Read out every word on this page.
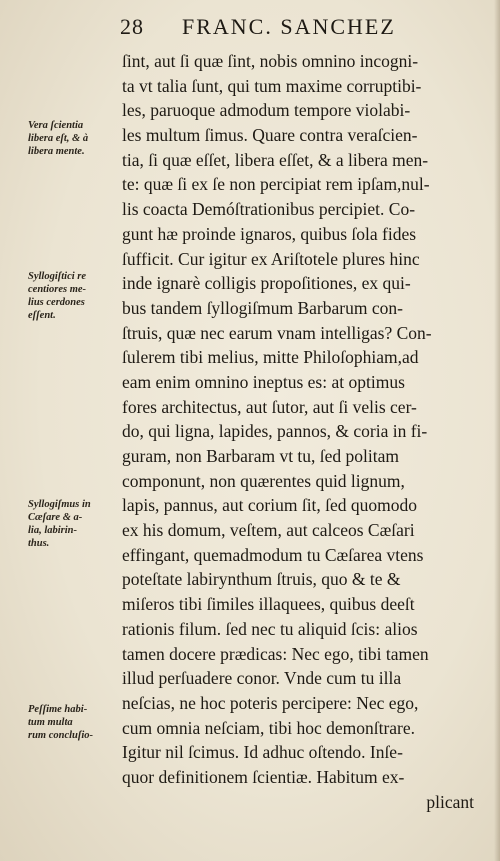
28 FRANC. SANCHEZ
Vera ſcientia
libera eſt, & à
libera mente.
Syllogiſtici re
centiores me-
lius cerdones
eſſent.
Syllogiſmus in
Cæſare & a-
lia, labirin-
thus.
Peſſime habi-
tum multa
rum concluſio-
ſint, aut ſi quæ ſint, nobis omnino incogni-
ta vt talia ſunt, qui tum maxime corruptibi-
les, paruoque admodum tempore violabi-
les multum ſimus. Quare contra veraſcien-
tia, ſi quæ eſſet, libera eſſet, & a libera men-
te: quæ ſi ex ſe non percipiat rem ipſam,nul-
lis coacta Demóſtrationibus percipiet. Co-
gunt hæ proinde ignaros, quibus ſola fides
ſufficit. Cur igitur ex Ariſtotele plures hinc
inde ignarè colligis propoſitiones, ex qui-
bus tandem ſyllogiſmum Barbarum con-
ſtruis, quæ nec earum vnam intelligas? Con-
ſulerem tibi melius, mitte Philoſophiam,ad
eam enim omnino ineptus es: at optimus
fores architectus, aut ſutor, aut ſi velis cer-
do, qui ligna, lapides, pannos, & coria in fi-
guram, non Barbaram vt tu, ſed politam
componunt, non quærentes quid lignum,
lapis, pannus, aut corium ſit, ſed quomodo
ex his domum, veſtem, aut calceos Cæſari
effingant, quemadmodum tu Cæſarea vtens
poteſtate labirynthum ſtruis, quo & te &
miſeros tibi ſimiles illaquees, quibus deeſt
rationis filum. ſed nec tu aliquid ſcis: alios
tamen docere prædicas: Nec ego, tibi tamen
illud perſuadere conor. Vnde cum tu illa
neſcias, ne hoc poteris percipere: Nec ego,
cum omnia neſciam, tibi hoc demonſtrare.
Igitur nil ſcimus. Id adhuc oſtendo. Inſe-
quor definitionem ſcientiæ. Habitum ex-
plicant
